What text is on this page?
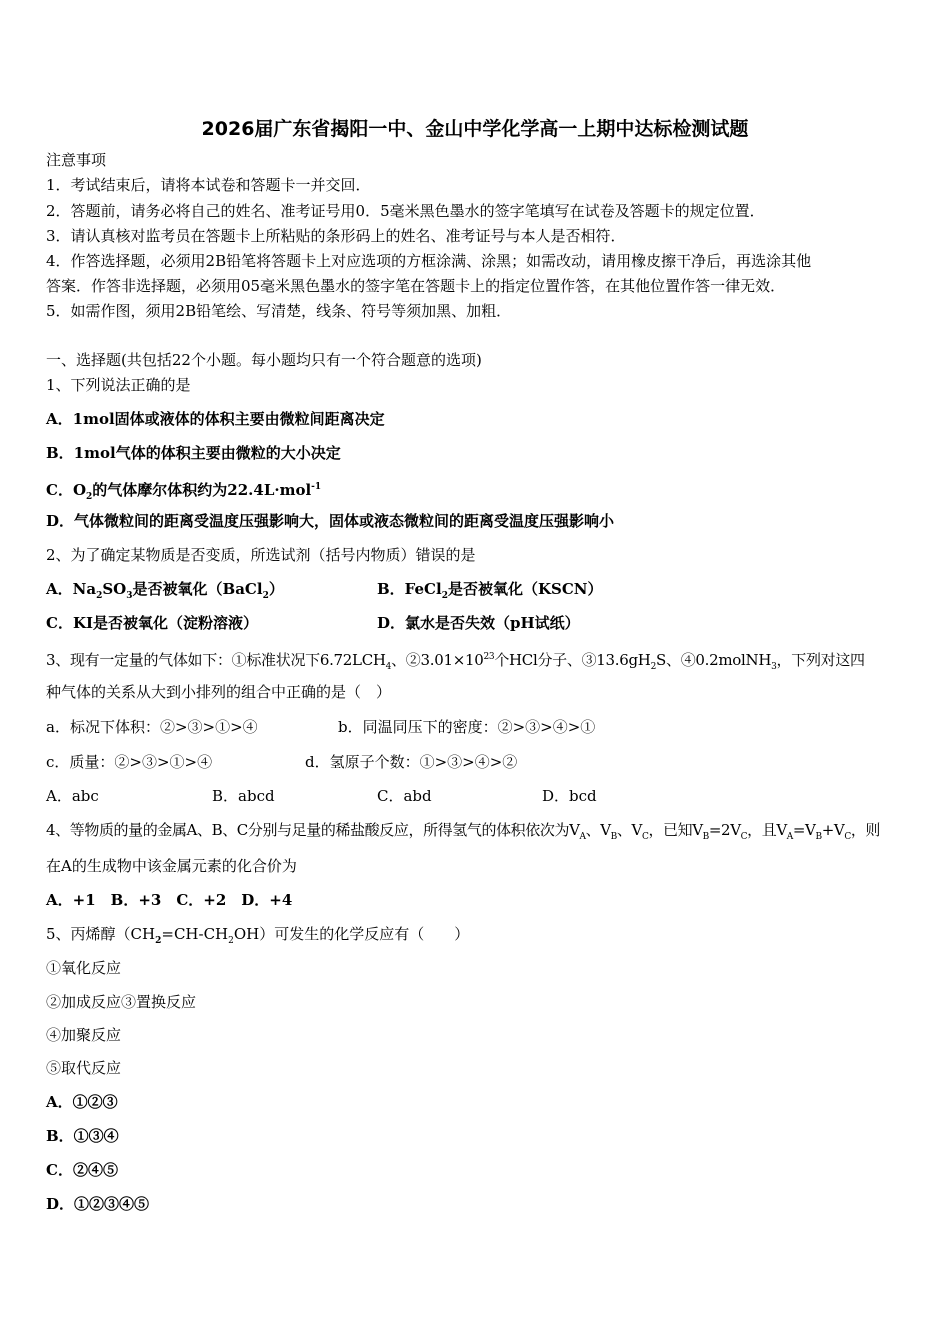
2026届广东省揭阳一中、金山中学化学高一上期中达标检测试题
注意事项
1．考试结束后，请将本试卷和答题卡一并交回．
2．答题前，请务必将自己的姓名、准考证号用0．5毫米黑色墨水的签字笔填写在试卷及答题卡的规定位置．
3．请认真核对监考员在答题卡上所粘贴的条形码上的姓名、准考证号与本人是否相符．
4．作答选择题，必须用2B铅笔将答题卡上对应选项的方框涂满、涂黑；如需改动，请用橡皮擦干净后，再选涂其他
答案．作答非选择题，必须用05毫米黑色墨水的签字笔在答题卡上的指定位置作答，在其他位置作答一律无效．
5．如需作图，须用2B铅笔绘、写清楚，线条、符号等须加黑、加粗．
一、选择题(共包括22个小题。每小题均只有一个符合题意的选项)
1、下列说法正确的是
A．1mol固体或液体的体积主要由微粒间距离决定
B．1mol气体的体积主要由微粒的大小决定
C．$O_2$的气体摩尔体积约为22.4L·mol$^{-1}$
D．气体微粒间的距离受温度压强影响大，固体或液态微粒间的距离受温度压强影响小
2、为了确定某物质是否变质，所选试剂（括号内物质）错误的是
A．$Na_2SO_3$是否被氧化（BaCl$_2$）	B．FeCl$_2$是否被氧化（KSCN）
C．KI是否被氧化（淀粉溶液）	D．氯水是否失效（pH试纸）
3、现有一定量的气体如下：①标准状况下$6.72LCH_4$、$②3.01\times 10^{23}$个HCl分子、$③13.6gH_2S$、④0.2molNH$_3$，下列对这四
种气体的关系从大到小排列的组合中正确的是（　）
a．标况下体积：②>③>①>④	b．同温同压下的密度：②>③>④>①
c．质量：②>③>①>④	d．氢原子个数：①>③>④>②
A．abc	B．abcd	C．abd	D．bcd
4、等物质的量的金属A、B、C分别与足量的稀盐酸反应，所得氢气的体积依次为$V_A$、$V_B$、$V_C$，已知$V_B=2V_C$，且$V_A=V_B+V_C$，则
在A的生成物中该金属元素的化合价为
A．+1　B．+3　C．+2　D．+4
5、丙烯醇$(CH_2=CH-CH_2OH)$可发生的化学反应有（　　）
①氧化反应
②加成反应③置换反应
④加聚反应
⑤取代反应
A．①②③
B．①③④
C．②④⑤
D．①②③④⑤
